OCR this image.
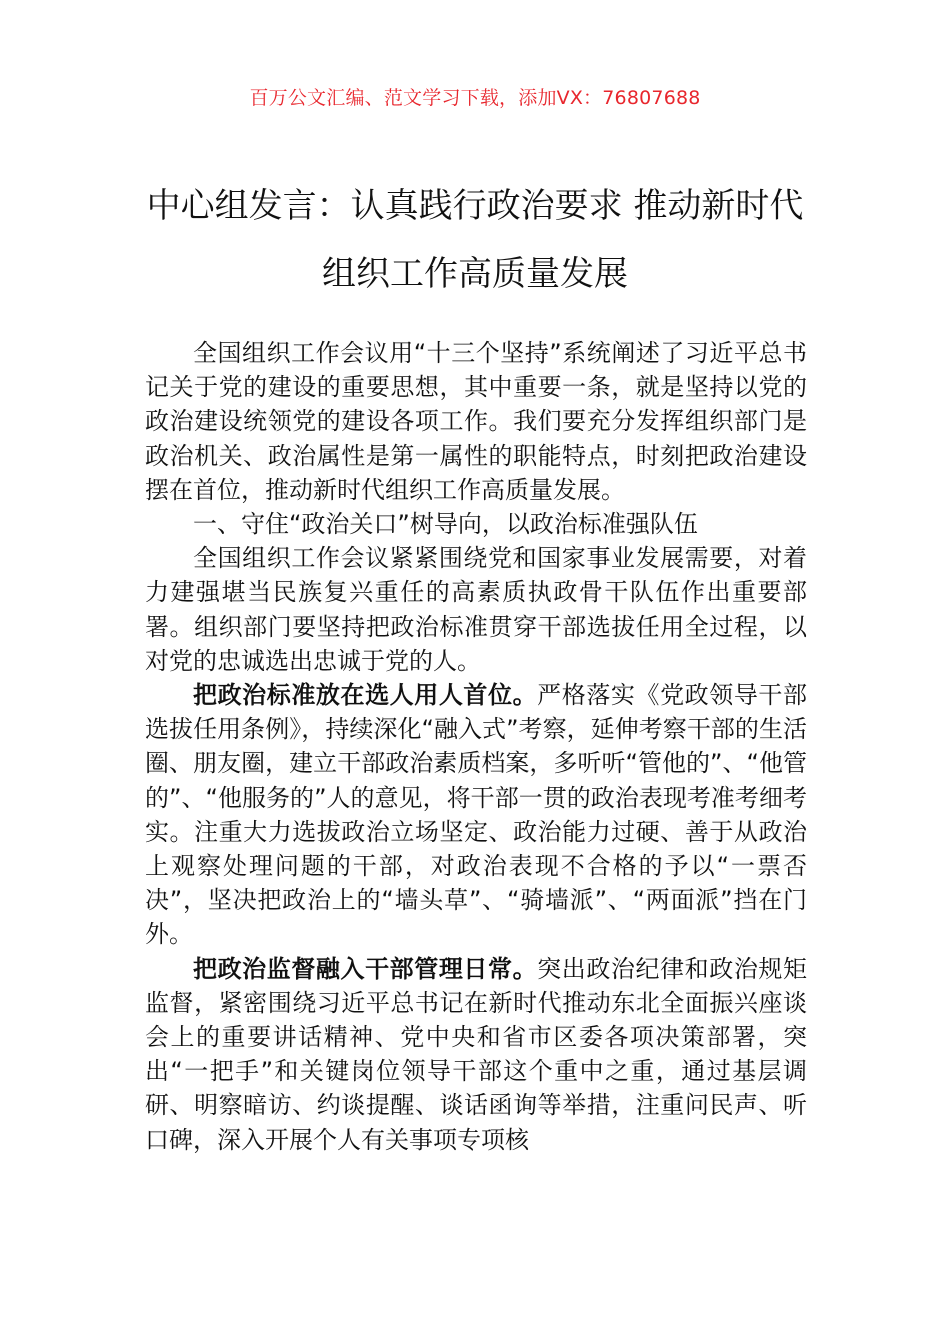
百万公文汇编、范文学习下载，添加VX：76807688
中心组发言：认真践行政治要求 推动新时代组织工作高质量发展

全国组织工作会议用“十三个坚持”系统阐述了习近平总书记关于党的建设的重要思想，其中重要一条，就是坚持以党的政治建设统领党的建设各项工作。我们要充分发挥组织部门是政治机关、政治属性是第一属性的职能特点，时刻把政治建设摆在首位，推动新时代组织工作高质量发展。

一、守住“政治关口”树导向，以政治标准强队伍

全国组织工作会议紧紧围绕党和国家事业发展需要，对着力建强堪当民族复兴重任的高素质执政骨干队伍作出重要部署。组织部门要坚持把政治标准贯穿干部选拔任用全过程，以对党的忠诚选出忠诚于党的人。

把政治标准放在选人用人首位。严格落实《党政领导干部选拔任用条例》，持续深化“融入式”考察，延伸考察干部的生活圈、朋友圈，建立干部政治素质档案，多听听“管他的”、“他管的”、“他服务的”人的意见，将干部一贯的政治表现考准考细考实。注重大力选拔政治立场坚定、政治能力过硬、善于从政治上观察处理问题的干部，对政治表现不合格的予以“一票否决”，坚决把政治上的“墙头草”、“骑墙派”、“两面派”挡在门外。

把政治监督融入干部管理日常。突出政治纪律和政治规矩监督，紧密围绕习近平总书记在新时代推动东北全面振兴座谈会上的重要讲话精神、党中央和省市区委各项决策部署，突出“一把手”和关键岗位领导干部这个重中之重，通过基层调研、明察暗访、约谈提醒、谈话函询等举措，注重问民声、听口碑，深入开展个人有关事项专项核
